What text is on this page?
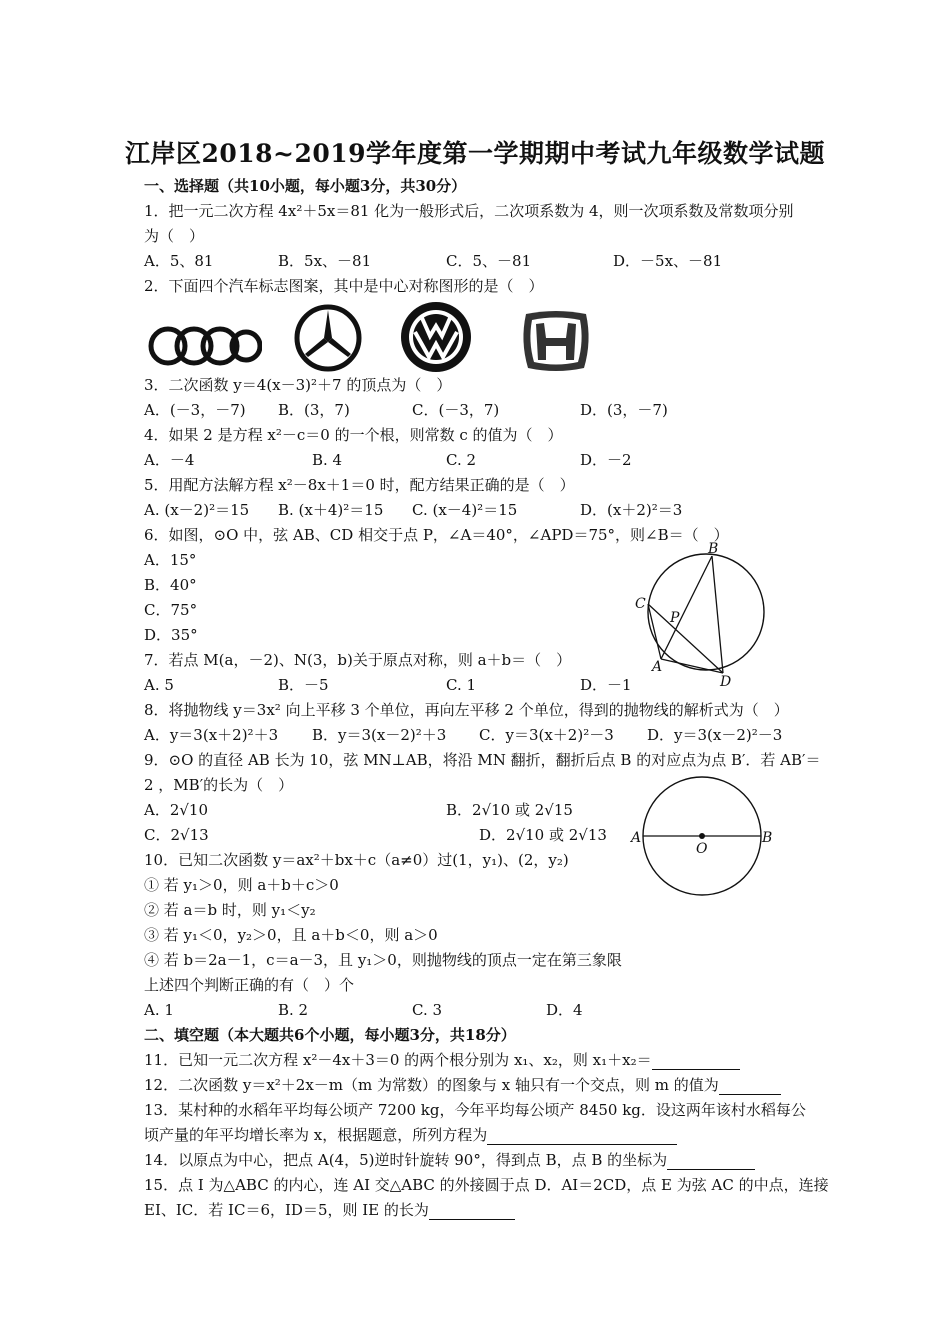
江岸区2018~2019学年度第一学期期中考试九年级数学试题
一、选择题（共10小题，每小题3分，共30分）
1．把一元二次方程 4x²＋5x＝81 化为一般形式后，二次项系数为 4，则一次项系数及常数项分别
为（　）
A．5、81	B．5x、－81	C．5、－81	D．－5x、－81
2．下面四个汽车标志图案，其中是中心对称图形的是（　）
3．二次函数 y＝4(x－3)²＋7 的顶点为（　）
A．(－3，－7) B．(3，7)	C．(－3，7)	D．(3，－7)
4．如果 2 是方程 x²－c＝0 的一个根，则常数 c 的值为（　）
A．－4	B. 4	C. 2	D．－2
5．用配方法解方程 x²－8x＋1＝0 时，配方结果正确的是（　）
A. (x－2)²＝15 B. (x＋4)²＝15 C. (x－4)²＝15	D．(x＋2)²＝3
6．如图，⊙O 中，弦 AB、CD 相交于点 P，∠A＝40°，∠APD＝75°，则∠B＝（　）
A．15°
B．40°
C．75°
D．35°
B
C
P
A
D
7．若点 M(a，－2)、N(3，b)关于原点对称，则 a＋b＝（　）
A. 5	B．－5	C. 1	D．－1
8．将抛物线 y＝3x² 向上平移 3 个单位，再向左平移 2 个单位，得到的抛物线的解析式为（　）
A．y＝3(x＋2)²＋3 B．y＝3(x－2)²＋3 C．y＝3(x＋2)²－3 D．y＝3(x－2)²－3
9．⊙O 的直径 AB 长为 10，弦 MN⊥AB，将沿 MN 翻折，翻折后点 B 的对应点为点 B′．若 AB′＝
2 ，MB′的长为（　）
A．2√10	B．2√10 或 2√15
C．2√13	D．2√10 或 2√13 A
O
B
10．已知二次函数 y＝ax²＋bx＋c（a≠0）过(1，y₁)、(2，y₂)
① 若 y₁＞0，则 a＋b＋c＞0
② 若 a＝b 时，则 y₁＜y₂
③ 若 y₁＜0，y₂＞0，且 a＋b＜0，则 a＞0
④ 若 b＝2a－1，c＝a－3，且 y₁＞0，则抛物线的顶点一定在第三象限
上述四个判断正确的有（　）个
A. 1	B. 2	C. 3	D．4
二、填空题（本大题共6个小题，每小题3分，共18分）
11．已知一元二次方程 x²－4x＋3＝0 的两个根分别为 x₁、x₂，则 x₁＋x₂＝
12．二次函数 y＝x²＋2x－m（m 为常数）的图象与 x 轴只有一个交点，则 m 的值为
13．某村种的水稻年平均每公顷产 7200 kg，今年平均每公顷产 8450 kg．设这两年该村水稻每公
顷产量的年平均增长率为 x，根据题意，所列方程为
14．以原点为中心，把点 A(4，5)逆时针旋转 90°，得到点 B，点 B 的坐标为
15．点 I 为△ABC 的内心，连 AI 交△ABC 的外接圆于点 D．AI＝2CD，点 E 为弦 AC 的中点，连接
EI、IC．若 IC＝6，ID＝5，则 IE 的长为
